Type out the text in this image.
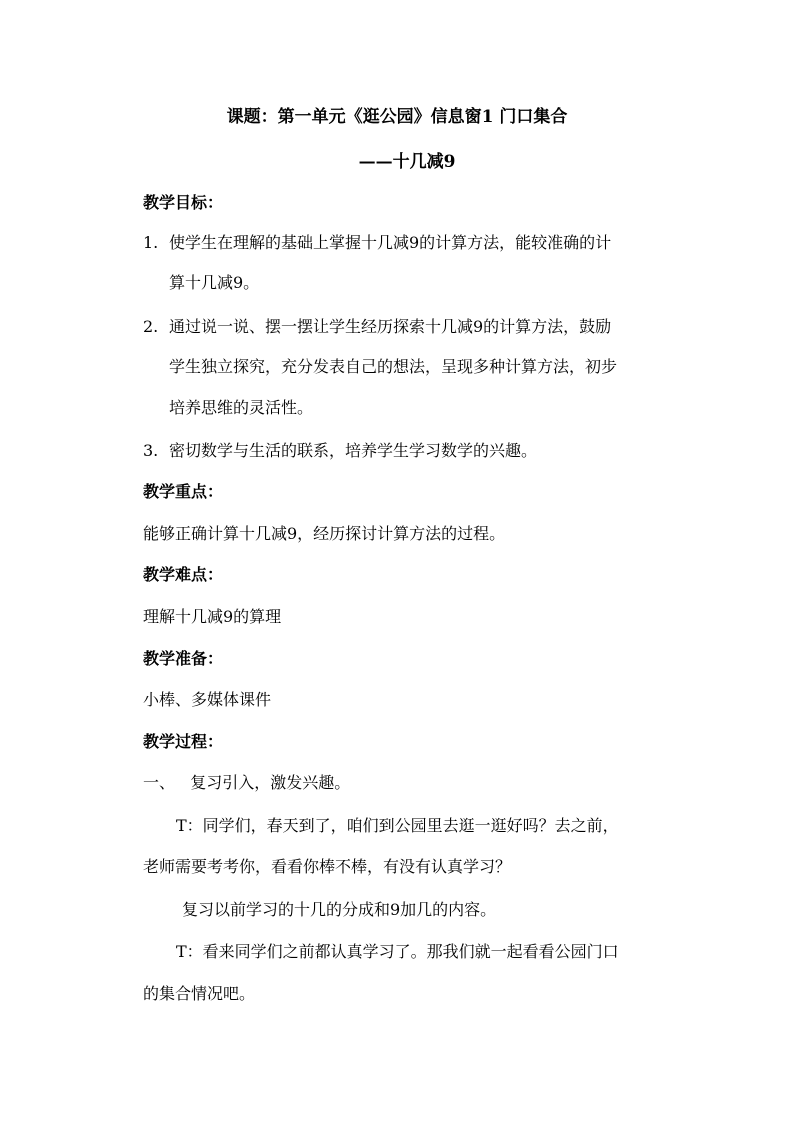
课题：第一单元《逛公园》信息窗1 门口集合
——十几减9
教学目标：
1. 使学生在理解的基础上掌握十几减9的计算方法，能较准确的计
算十几减9。
2. 通过说一说、摆一摆让学生经历探索十几减9的计算方法，鼓励
学生独立探究，充分发表自己的想法，呈现多种计算方法，初步
培养思维的灵活性。
3. 密切数学与生活的联系，培养学生学习数学的兴趣。
教学重点：
能够正确计算十几减9，经历探讨计算方法的过程。
教学难点：
理解十几减9的算理
教学准备：
小棒、多媒体课件
教学过程：
一、   复习引入，激发兴趣。
T：同学们，春天到了，咱们到公园里去逛一逛好吗？去之前，
老师需要考考你，看看你棒不棒，有没有认真学习？
复习以前学习的十几的分成和9加几的内容。
T：看来同学们之前都认真学习了。那我们就一起看看公园门口
的集合情况吧。
